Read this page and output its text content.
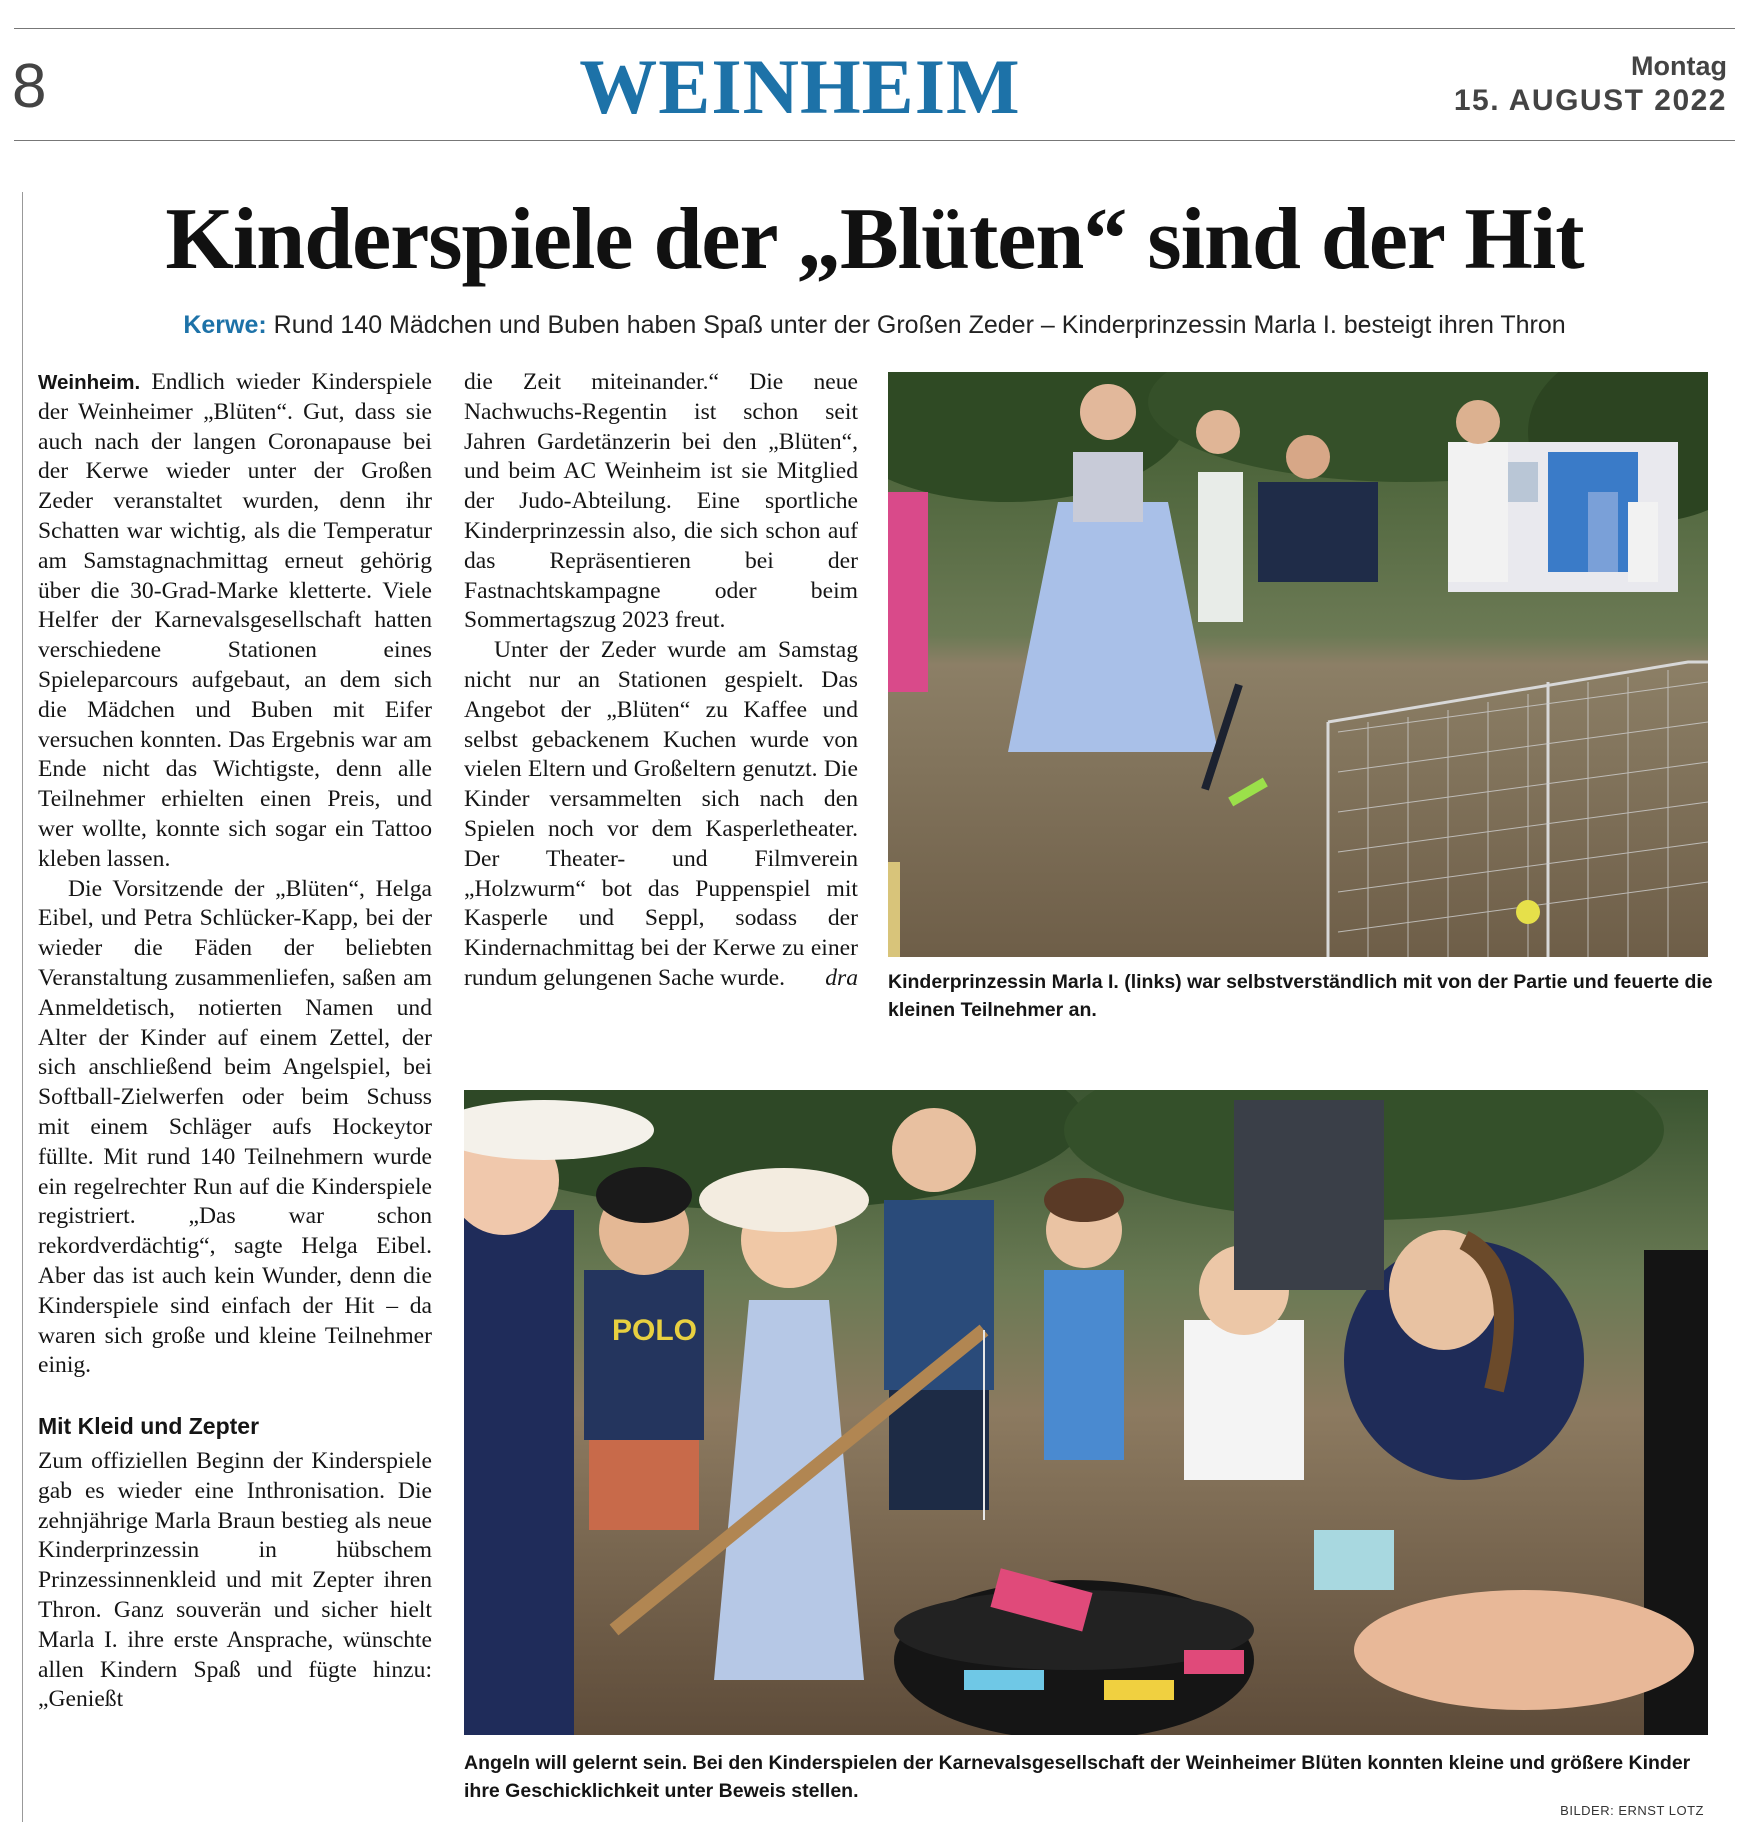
8	WEINHEIM	Montag
15. AUGUST 2022
Kinderspiele der „Blüten“ sind der Hit
Kerwe: Rund 140 Mädchen und Buben haben Spaß unter der Großen Zeder – Kinderprinzessin Marla I. besteigt ihren Thron

Weinheim. Endlich wieder Kinderspiele der Weinheimer „Blüten“. Gut, dass sie auch nach der langen Coronapause bei der Kerwe wieder unter der Großen Zeder veranstaltet wurden, denn ihr Schatten war wichtig, als die Temperatur am Samstagnachmittag erneut gehörig über die 30-Grad-Marke kletterte. Viele Helfer der Karnevalsgesellschaft hatten verschiedene Stationen eines Spieleparcours aufgebaut, an dem sich die Mädchen und Buben mit Eifer versuchen konnten. Das Ergebnis war am Ende nicht das Wichtigste, denn alle Teilnehmer erhielten einen Preis, und wer wollte, konnte sich sogar ein Tattoo kleben lassen.

Die Vorsitzende der „Blüten“, Helga Eibel, und Petra Schlücker-Kapp, bei der wieder die Fäden der beliebten Veranstaltung zusammenliefen, saßen am Anmeldetisch, notierten Namen und Alter der Kinder auf einem Zettel, der sich anschließend beim Angelspiel, bei Softball-Zielwerfen oder beim Schuss mit einem Schläger aufs Hockeytor füllte. Mit rund 140 Teilnehmern wurde ein regelrechter Run auf die Kinderspiele registriert. „Das war schon rekordverdächtig“, sagte Helga Eibel. Aber das ist auch kein Wunder, denn die Kinderspiele sind einfach der Hit – da waren sich große und kleine Teilnehmer einig.

Mit Kleid und Zepter

Zum offiziellen Beginn der Kinderspiele gab es wieder eine Inthronisation. Die zehnjährige Marla Braun bestieg als neue Kinderprinzessin in hübschem Prinzessinnenkleid und mit Zepter ihren Thron. Ganz souverän und sicher hielt Marla I. ihre erste Ansprache, wünschte allen Kindern Spaß und fügte hinzu: „Genießt

die Zeit miteinander.“ Die neue Nachwuchs-Regentin ist schon seit Jahren Gardetänzerin bei den „Blüten“, und beim AC Weinheim ist sie Mitglied der Judo-Abteilung. Eine sportliche Kinderprinzessin also, die sich schon auf das Repräsentieren bei der Fastnachtskampagne oder beim Sommertagszug 2023 freut.

Unter der Zeder wurde am Samstag nicht nur an Stationen gespielt. Das Angebot der „Blüten“ zu Kaffee und selbst gebackenem Kuchen wurde von vielen Eltern und Großeltern genutzt. Die Kinder versammelten sich nach den Spielen noch vor dem Kasperletheater. Der Theater- und Filmverein „Holzwurm“ bot das Puppenspiel mit Kasperle und Seppl, sodass der Kindernachmittag bei der Kerwe zu einer rundum gelungenen Sache wurde.	dra Kinderprinzessin Marla I. (links) war selbstverständlich mit von der Partie und feuerte die kleinen Teilnehmer an.
POLO
Angeln will gelernt sein. Bei den Kinderspielen der Karnevalsgesellschaft der Weinheimer Blüten konnten kleine und größere Kinder ihre Geschicklichkeit unter Beweis stellen.
BILDER: ERNST LOTZ
